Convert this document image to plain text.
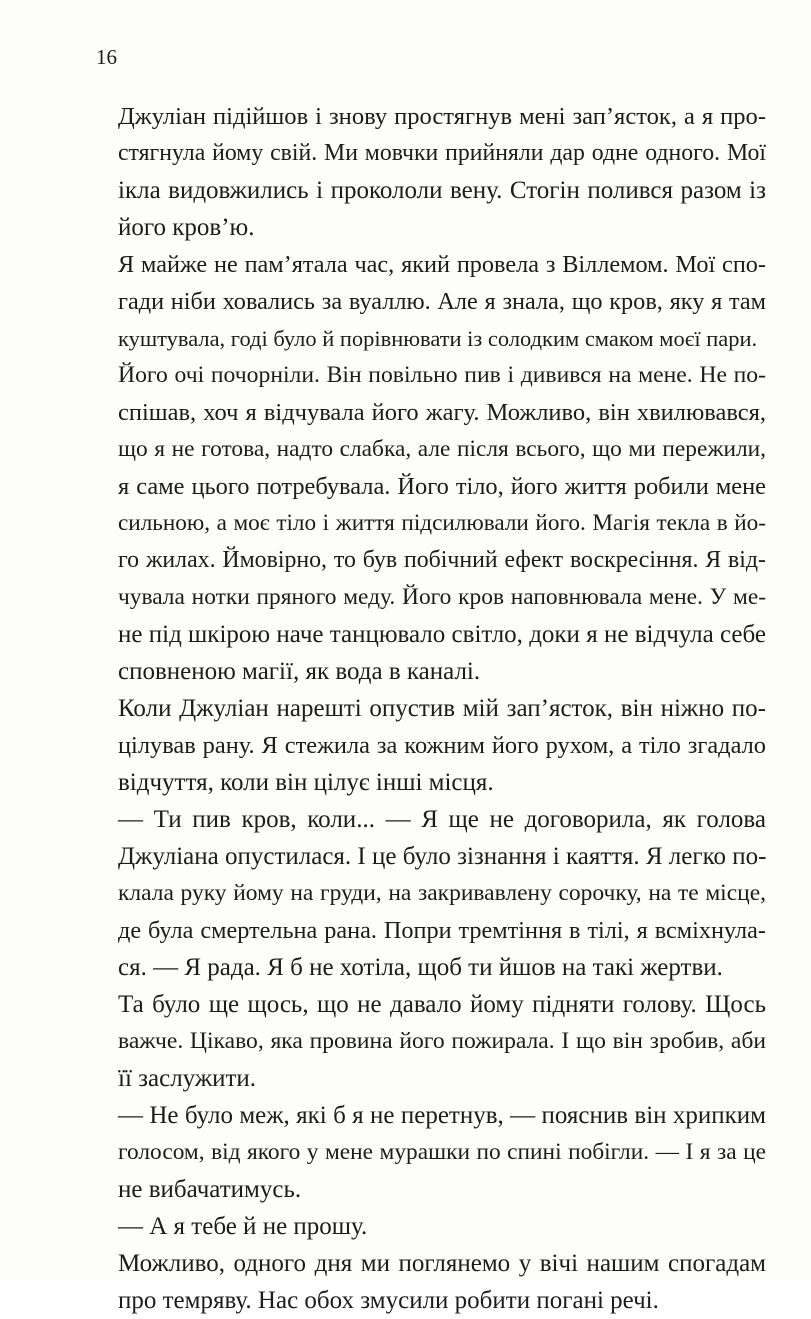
16
Джуліан підійшов і знову простягнув мені зап’ясток, а я про-
стягнула йому свій. Ми мовчки прийняли дар одне одного. Мої
ікла видовжились і прокололи вену. Стогін полився разом із
його кров’ю.
Я майже не пам’ятала час, який провела з Віллемом. Мої спо-
гади ніби ховались за вуаллю. Але я знала, що кров, яку я там
куштувала, годі було й порівнювати із солодким смаком моєї пари.
Його очі почорніли. Він повільно пив і дивився на мене. Не по-
спішав, хоч я відчувала його жагу. Можливо, він хвилювався,
що я не готова, надто слабка, але після всього, що ми пережили,
я саме цього потребувала. Його тіло, його життя робили мене
сильною, а моє тіло і життя підсилювали його. Магія текла в йо-
го жилах. Ймовірно, то був побічний ефект воскресіння. Я від-
чувала нотки пряного меду. Його кров наповнювала мене. У ме-
не під шкірою наче танцювало світло, доки я не відчула себе
сповненою магії, як вода в каналі.
Коли Джуліан нарешті опустив мій зап’ясток, він ніжно по-
цілував рану. Я стежила за кожним його рухом, а тіло згадало
відчуття, коли він цілує інші місця.
— Ти пив кров, коли... — Я ще не договорила, як голова
Джуліана опустилася. І це було зізнання і каяття. Я легко по-
клала руку йому на груди, на закривавлену сорочку, на те місце,
де була смертельна рана. Попри тремтіння в тілі, я всміхнула-
ся. — Я рада. Я б не хотіла, щоб ти йшов на такі жертви.
Та було ще щось, що не давало йому підняти голову. Щось
важче. Цікаво, яка провина його пожирала. І що він зробив, аби
її заслужити.
— Не було меж, які б я не перетнув, — пояснив він хрипким
голосом, від якого у мене мурашки по спині побігли. — І я за це
не вибачатимусь.
— А я тебе й не прошу.
Можливо, одного дня ми поглянемо у вічі нашим спогадам
про темряву. Нас обох змусили робити погані речі.
